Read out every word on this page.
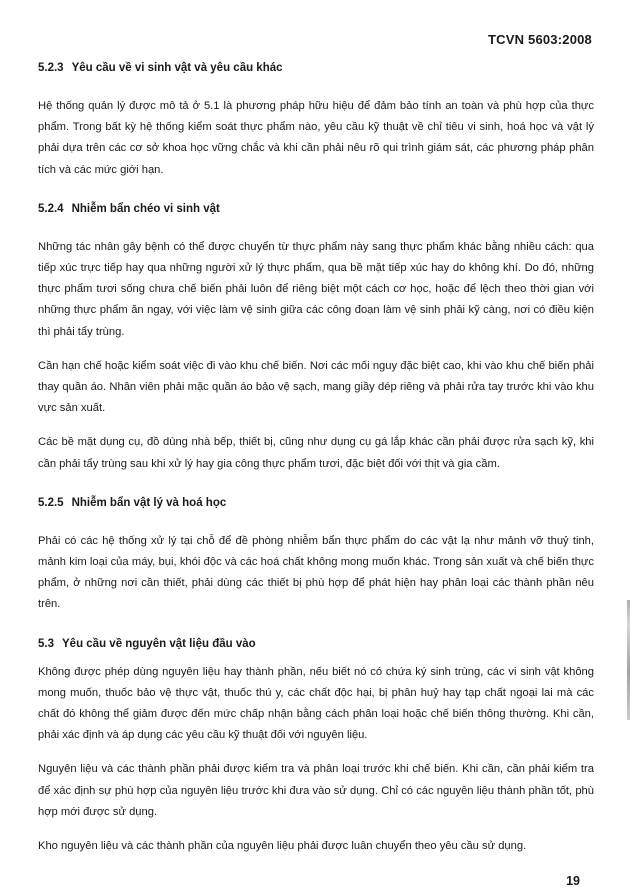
TCVN 5603:2008

5.2.3 Yêu cầu về vi sinh vật và yêu cầu khác

Hệ thống quản lý được mô tả ở 5.1 là phương pháp hữu hiệu để đảm bảo tính an toàn và phù hợp của thực phẩm. Trong bất kỳ hệ thống kiểm soát thực phẩm nào, yêu cầu kỹ thuật về chỉ tiêu vi sinh, hoá học và vật lý phải dựa trên các cơ sở khoa học vững chắc và khi cần phải nêu rõ qui trình giám sát, các phương pháp phân tích và các mức giới hạn.

5.2.4 Nhiễm bẩn chéo vi sinh vật

Những tác nhân gây bệnh có thể được chuyển từ thực phẩm này sang thực phẩm khác bằng nhiều cách: qua tiếp xúc trực tiếp hay qua những người xử lý thực phẩm, qua bề mặt tiếp xúc hay do không khí. Do đó, những thực phẩm tươi sống chưa chế biến phải luôn để riêng biệt một cách cơ học, hoặc để lệch theo thời gian với những thực phẩm ăn ngay, với việc làm vệ sinh giữa các công đoạn làm vệ sinh phải kỹ càng, nơi có điều kiện thì phải tẩy trùng.

Cần hạn chế hoặc kiểm soát việc đi vào khu chế biến. Nơi các mối nguy đặc biệt cao, khi vào khu chế biến phải thay quần áo. Nhân viên phải mặc quần áo bảo vệ sạch, mang giầy dép riêng và phải rửa tay trước khi vào khu vực sản xuất.

Các bề mặt dụng cụ, đồ dùng nhà bếp, thiết bị, cũng như dụng cụ gá lắp khác cần phải được rửa sạch kỹ, khi cần phải tẩy trùng sau khi xử lý hay gia công thực phẩm tươi, đặc biệt đối với thịt và gia cầm.

5.2.5 Nhiễm bẩn vật lý và hoá học

Phải có các hệ thống xử lý tại chỗ để đề phòng nhiễm bẩn thực phẩm do các vật lạ như mảnh vỡ thuỷ tinh, mảnh kim loại của máy, bụi, khói độc và các hoá chất không mong muốn khác. Trong sản xuất và chế biến thực phẩm, ở những nơi cần thiết, phải dùng các thiết bị phù hợp để phát hiện hay phân loại các thành phần nêu trên.

5.3 Yêu cầu về nguyên vật liệu đầu vào

Không được phép dùng nguyên liệu hay thành phần, nếu biết nó có chứa ký sinh trùng, các vi sinh vật không mong muốn, thuốc bảo vệ thực vật, thuốc thú y, các chất độc hại, bị phân huỷ hay tạp chất ngoại lai mà các chất đó không thể giảm được đến mức chấp nhận bằng cách phân loại hoặc chế biến thông thường. Khi cần, phải xác định và áp dụng các yêu cầu kỹ thuật đối với nguyên liệu.

Nguyên liệu và các thành phần phải được kiểm tra và phân loại trước khi chế biến. Khi cần, cần phải kiểm tra để xác định sự phù hợp của nguyên liệu trước khi đưa vào sử dụng. Chỉ có các nguyên liệu thành phần tốt, phù hợp mới được sử dụng.

Kho nguyên liệu và các thành phần của nguyên liệu phải được luân chuyển theo yêu cầu sử dụng.

19
